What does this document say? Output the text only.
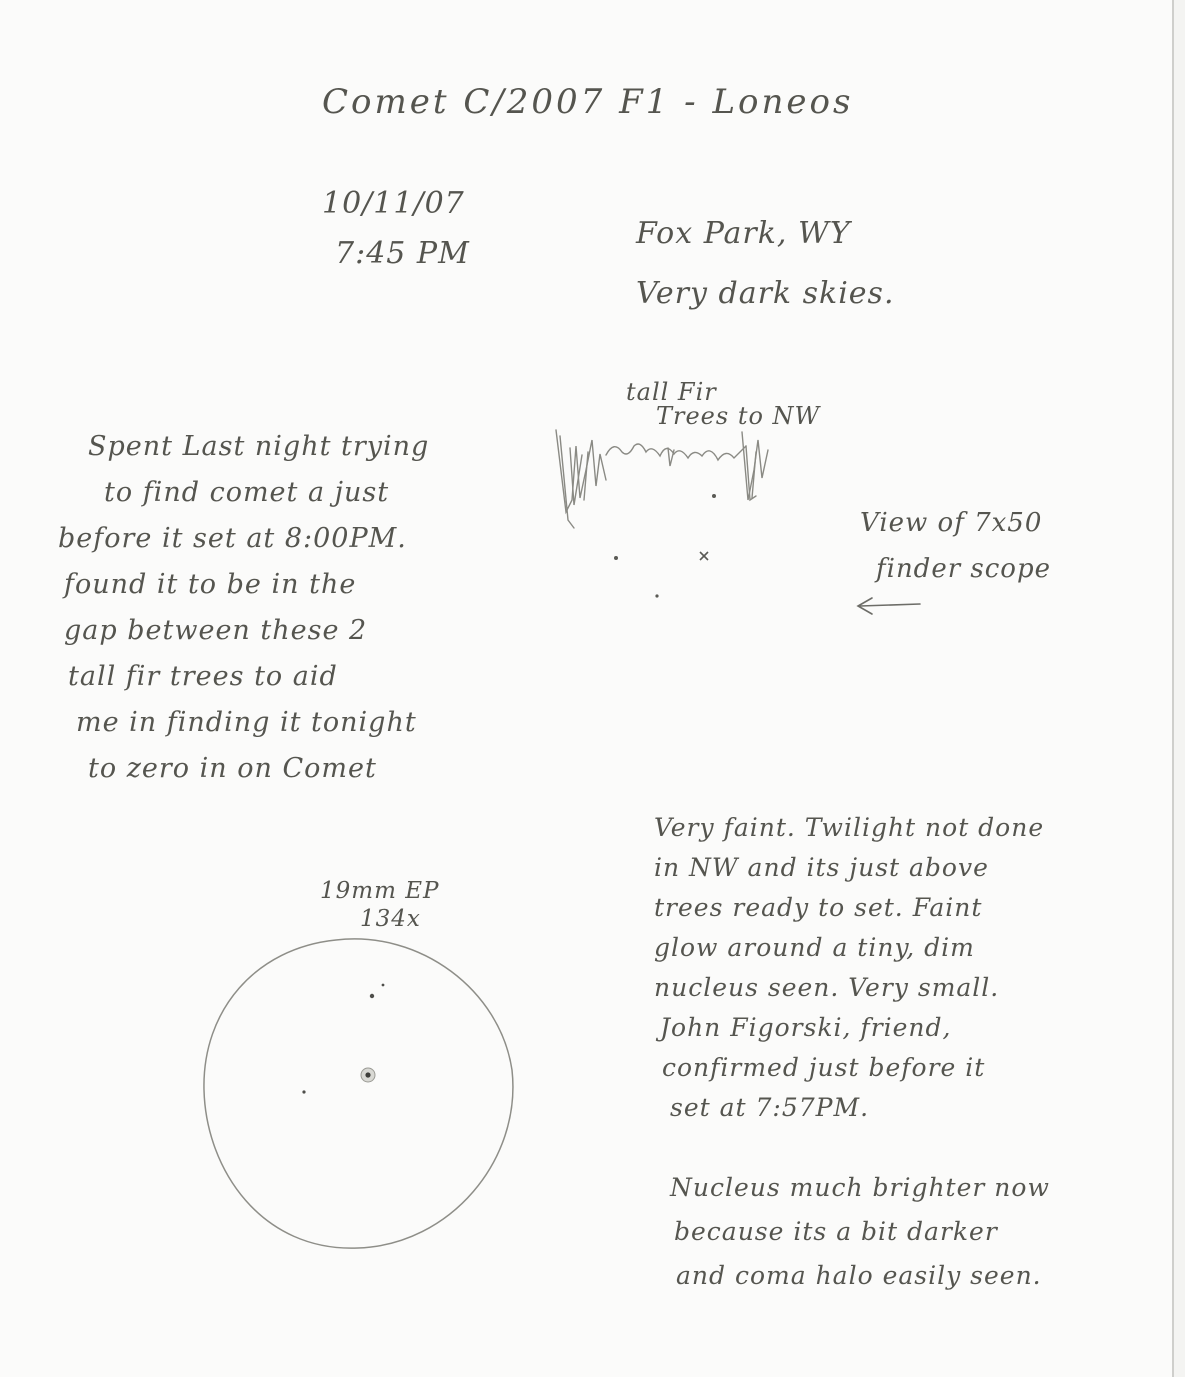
Comet C/2007 F1 - Loneos

10/11/07

7:45 PM

Fox Park, WY

Very dark skies.

tall Fir

Trees to NW

View of 7x50

finder scope

Spent Last night trying
to find comet a just
before it set at 8:00PM.
found it to be in the
gap between these 2
tall fir trees to aid
me in finding it tonight
to zero in on Comet

19mm EP

134x

Very faint. Twilight not done
in NW and its just above
trees ready to set. Faint
glow around a tiny, dim
nucleus seen. Very small.
John Figorski, friend,
confirmed just before it
set at 7:57PM.
Nucleus much brighter now
because its a bit darker
and coma halo easily seen.
